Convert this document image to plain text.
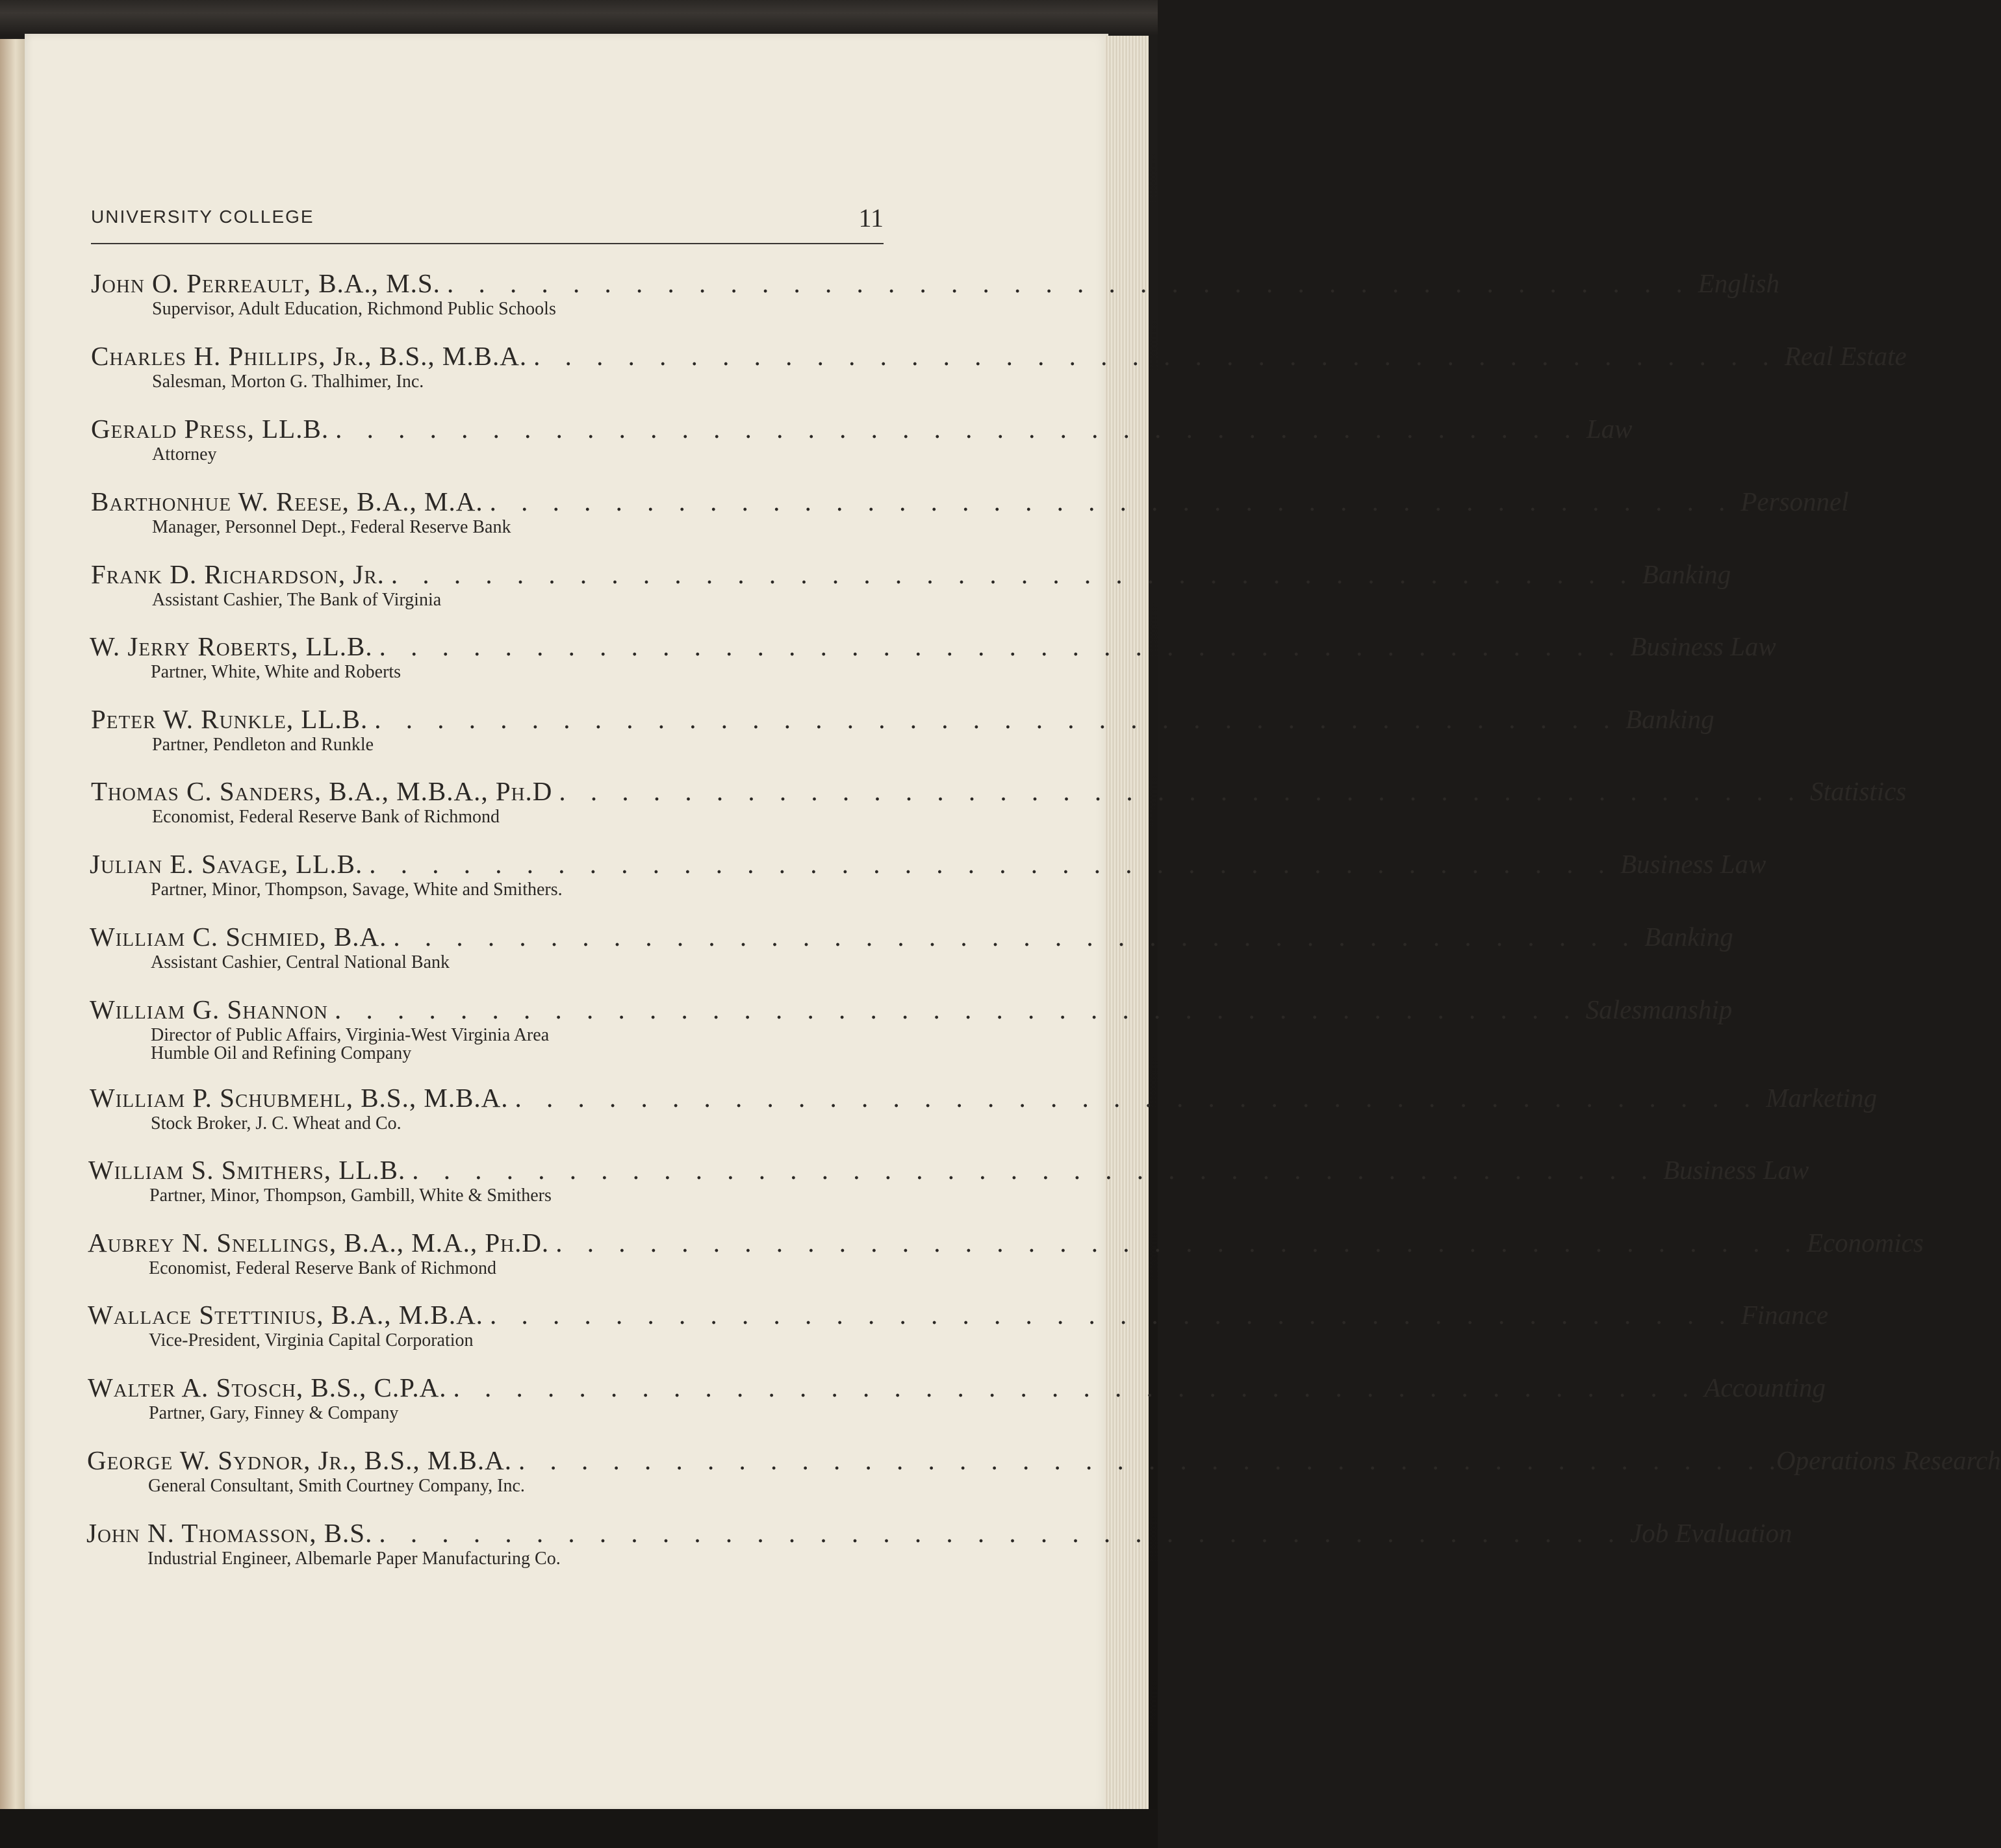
UNIVERSITY COLLEGE	11
John O. Perreault, B.A., M.S. . . . . . . . . . . . . . . . . . . . . . . . . . . . . . . . . . . . . . . . . English
Supervisor, Adult Education, Richmond Public Schools
Charles H. Phillips, Jr., B.S., M.B.A. . . . . . . . . . . . . . . . . . . . . . . . . . . . . . . . . . . . . . . . . Real Estate
Salesman, Morton G. Thalhimer, Inc.
Gerald Press, LL.B. . . . . . . . . . . . . . . . . . . . . . . . . . . . . . . . . . . . . . . . . Law
Attorney
Barthonhue W. Reese, B.A., M.A. . . . . . . . . . . . . . . . . . . . . . . . . . . . . . . . . . . . . . . . . Personnel
Manager, Personnel Dept., Federal Reserve Bank
Frank D. Richardson, Jr. . . . . . . . . . . . . . . . . . . . . . . . . . . . . . . . . . . . . . . . . Banking
Assistant Cashier, The Bank of Virginia
W. Jerry Roberts, LL.B. . . . . . . . . . . . . . . . . . . . . . . . . . . . . . . . . . . . . . . . . Business Law
Partner, White, White and Roberts
Peter W. Runkle, LL.B. . . . . . . . . . . . . . . . . . . . . . . . . . . . . . . . . . . . . . . . . Banking
Partner, Pendleton and Runkle
Thomas C. Sanders, B.A., M.B.A., Ph.D . . . . . . . . . . . . . . . . . . . . . . . . . . . . . . . . . . . . . . . . Statistics
Economist, Federal Reserve Bank of Richmond
Julian E. Savage, LL.B. . . . . . . . . . . . . . . . . . . . . . . . . . . . . . . . . . . . . . . . . Business Law
Partner, Minor, Thompson, Savage, White and Smithers.
William C. Schmied, B.A. . . . . . . . . . . . . . . . . . . . . . . . . . . . . . . . . . . . . . . . . Banking
Assistant Cashier, Central National Bank
William G. Shannon . . . . . . . . . . . . . . . . . . . . . . . . . . . . . . . . . . . . . . . . Salesmanship
Director of Public Affairs, Virginia-West Virginia Area
Humble Oil and Refining Company
William P. Schubmehl, B.S., M.B.A. . . . . . . . . . . . . . . . . . . . . . . . . . . . . . . . . . . . . . . . . Marketing
Stock Broker, J. C. Wheat and Co.
William S. Smithers, LL.B. . . . . . . . . . . . . . . . . . . . . . . . . . . . . . . . . . . . . . . . . Business Law
Partner, Minor, Thompson, Gambill, White & Smithers
Aubrey N. Snellings, B.A., M.A., Ph.D. . . . . . . . . . . . . . . . . . . . . . . . . . . . . . . . . . . . . . . . . Economics
Economist, Federal Reserve Bank of Richmond
Wallace Stettinius, B.A., M.B.A. . . . . . . . . . . . . . . . . . . . . . . . . . . . . . . . . . . . . . . . . Finance
Vice-President, Virginia Capital Corporation
Walter A. Stosch, B.S., C.P.A. . . . . . . . . . . . . . . . . . . . . . . . . . . . . . . . . . . . . . . . . Accounting
Partner, Gary, Finney & Company
George W. Sydnor, Jr., B.S., M.B.A. . . . . . . . . . . . . . . . . . . . . . . . . . . . . . . . . . . . . . . . . .Operations Research
General Consultant, Smith Courtney Company, Inc.
John N. Thomasson, B.S. . . . . . . . . . . . . . . . . . . . . . . . . . . . . . . . . . . . . . . . . Job Evaluation
Industrial Engineer, Albemarle Paper Manufacturing Co.
